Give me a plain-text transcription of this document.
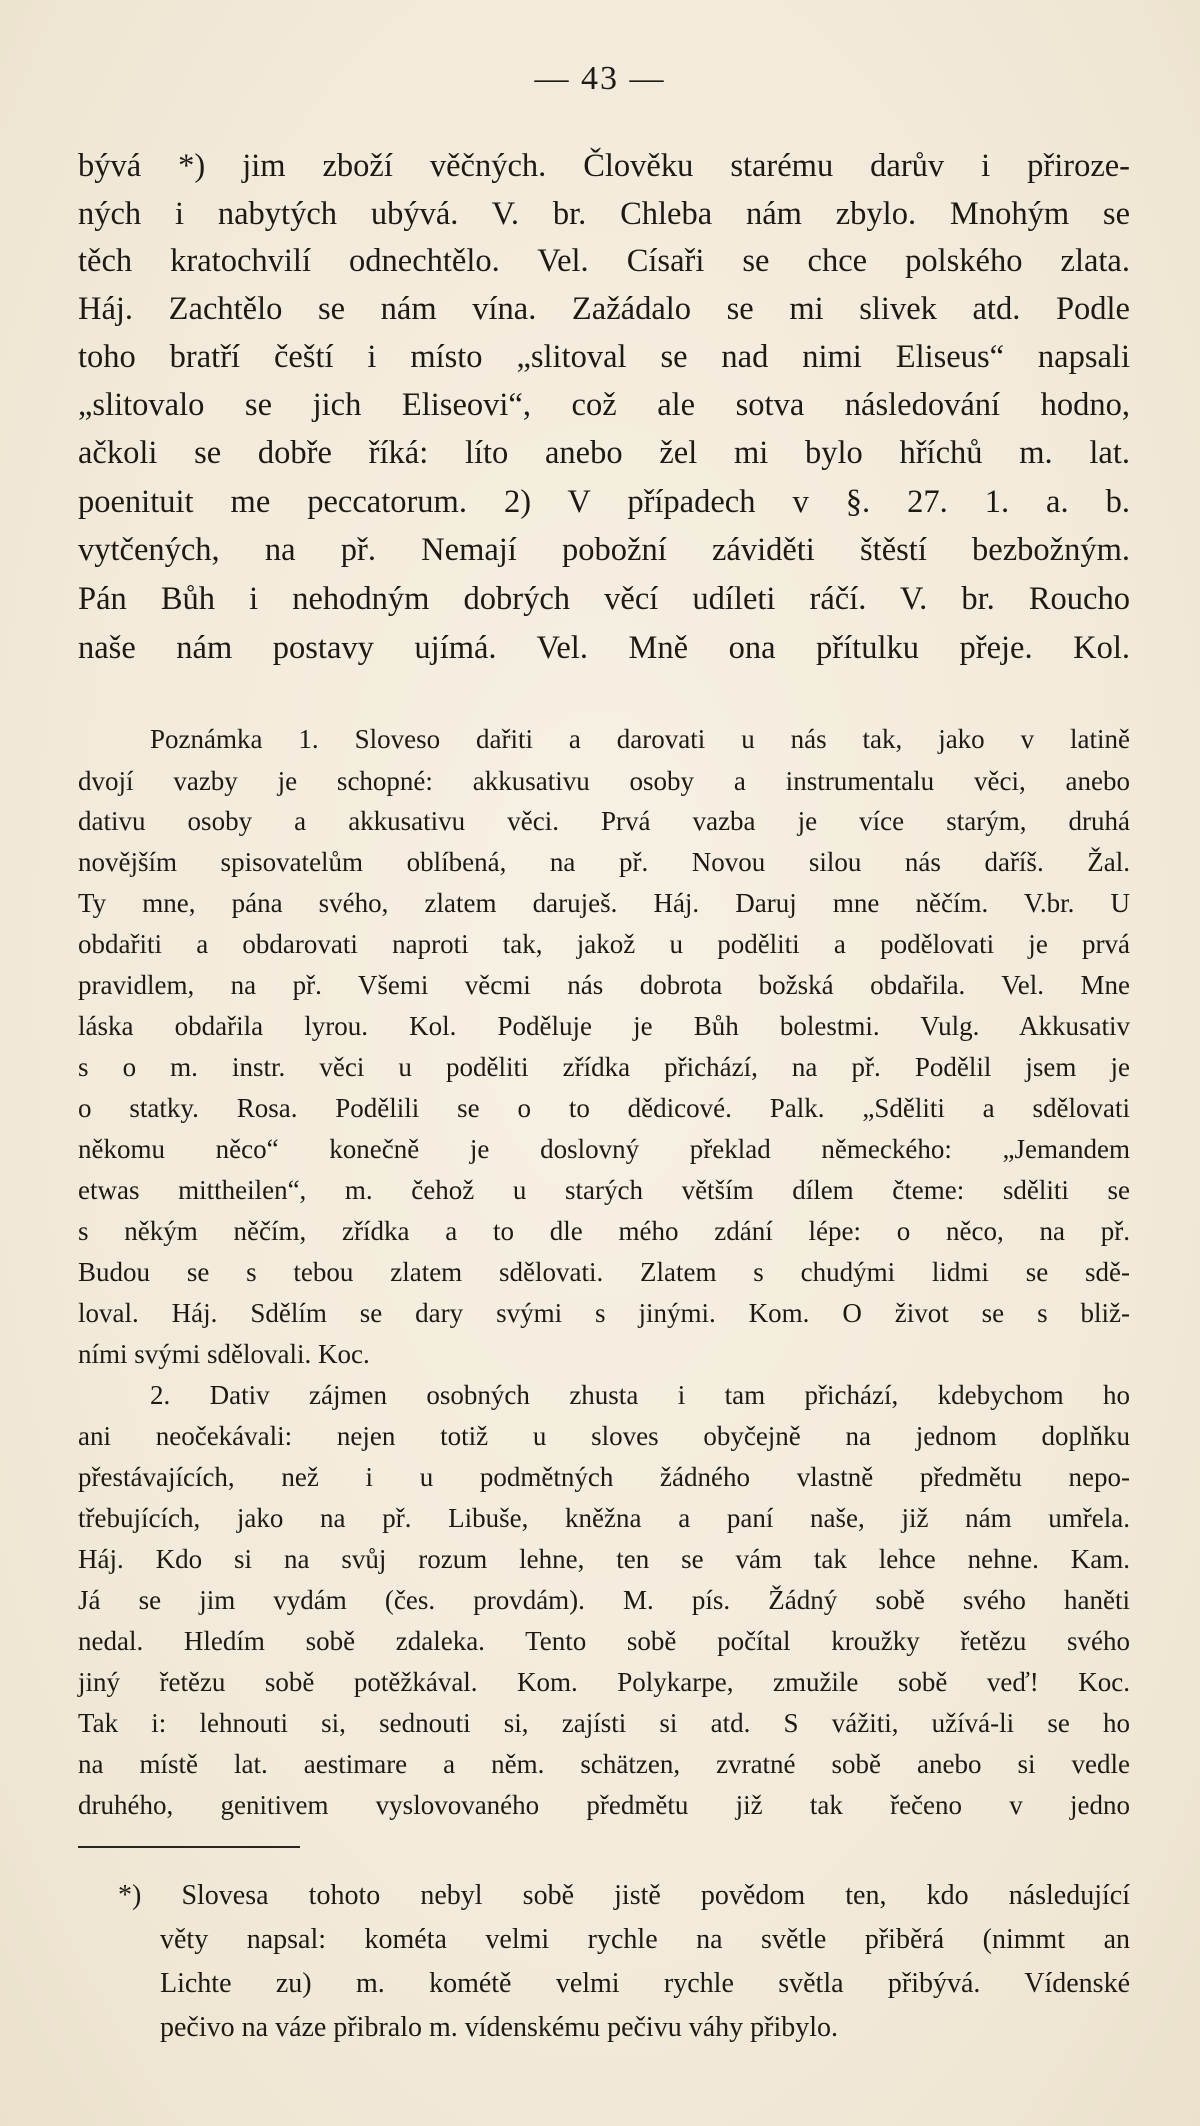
— 43 —
bývá *) jim zboží věčných. Člověku starému darův i přiroze-
ných i nabytých ubývá. V. br. Chleba nám zbylo. Mnohým se
těch kratochvilí odnechtělo. Vel. Císaři se chce polského zlata.
Háj. Zachtělo se nám vína. Zažádalo se mi slivek atd. Podle
toho bratří čeští i místo „slitoval se nad nimi Eliseus“ napsali
„slitovalo se jich Eliseovi“, což ale sotva následování hodno,
ačkoli se dobře říká: líto anebo žel mi bylo hříchů m. lat.
poenituit me peccatorum. 2) V případech v §. 27. 1. a. b.
vytčených, na př. Nemají pobožní záviděti štěstí bezbožným.
Pán Bůh i nehodným dobrých věcí udíleti ráčí. V. br. Roucho
naše nám postavy ujímá. Vel. Mně ona přítulku přeje. Kol.
Poznámka 1. Sloveso dařiti a darovati u nás tak, jako v latině
dvojí vazby je schopné: akkusativu osoby a instrumentalu věci, anebo
dativu osoby a akkusativu věci. Prvá vazba je více starým, druhá
novějším spisovatelům oblíbená, na př. Novou silou nás daříš. Žal.
Ty mne, pána svého, zlatem daruješ. Háj. Daruj mne něčím. V.br. U
obdařiti a obdarovati naproti tak, jakož u poděliti a podělovati je prvá
pravidlem, na př. Všemi věcmi nás dobrota božská obdařila. Vel. Mne
láska obdařila lyrou. Kol. Poděluje je Bůh bolestmi. Vulg. Akkusativ
s o m. instr. věci u poděliti zřídka přichází, na př. Podělil jsem je
o statky. Rosa. Podělili se o to dědicové. Palk. „Sděliti a sdělovati
někomu něco“ konečně je doslovný překlad německého: „Jemandem
etwas mittheilen“, m. čehož u starých větším dílem čteme: sděliti se
s někým něčím, zřídka a to dle mého zdání lépe: o něco, na př.
Budou se s tebou zlatem sdělovati. Zlatem s chudými lidmi se sdě-
loval. Háj. Sdělím se dary svými s jinými. Kom. O život se s bliž-
ními svými sdělovali. Koc.
2. Dativ zájmen osobných zhusta i tam přichází, kdebychom ho
ani neočekávali: nejen totiž u sloves obyčejně na jednom doplňku
přestávajících, než i u podmětných žádného vlastně předmětu nepo-
třebujících, jako na př. Libuše, kněžna a paní naše, již nám umřela.
Háj. Kdo si na svůj rozum lehne, ten se vám tak lehce nehne. Kam.
Já se jim vydám (čes. provdám). M. pís. Žádný sobě svého haněti
nedal. Hledím sobě zdaleka. Tento sobě počítal kroužky řetězu svého
jiný řetězu sobě potěžkával. Kom. Polykarpe, zmužile sobě veď! Koc.
Tak i: lehnouti si, sednouti si, zajísti si atd. S vážiti, užívá-li se ho
na místě lat. aestimare a něm. schätzen, zvratné sobě anebo si vedle
druhého, genitivem vyslovovaného předmětu již tak řečeno v jedno
*) Slovesa tohoto nebyl sobě jistě povědom ten, kdo následující
věty napsal: kométa velmi rychle na světle přiběrá (nimmt an
Lichte zu) m. kométě velmi rychle světla přibývá. Vídenské
pečivo na váze přibralo m. vídenskému pečivu váhy přibylo.
